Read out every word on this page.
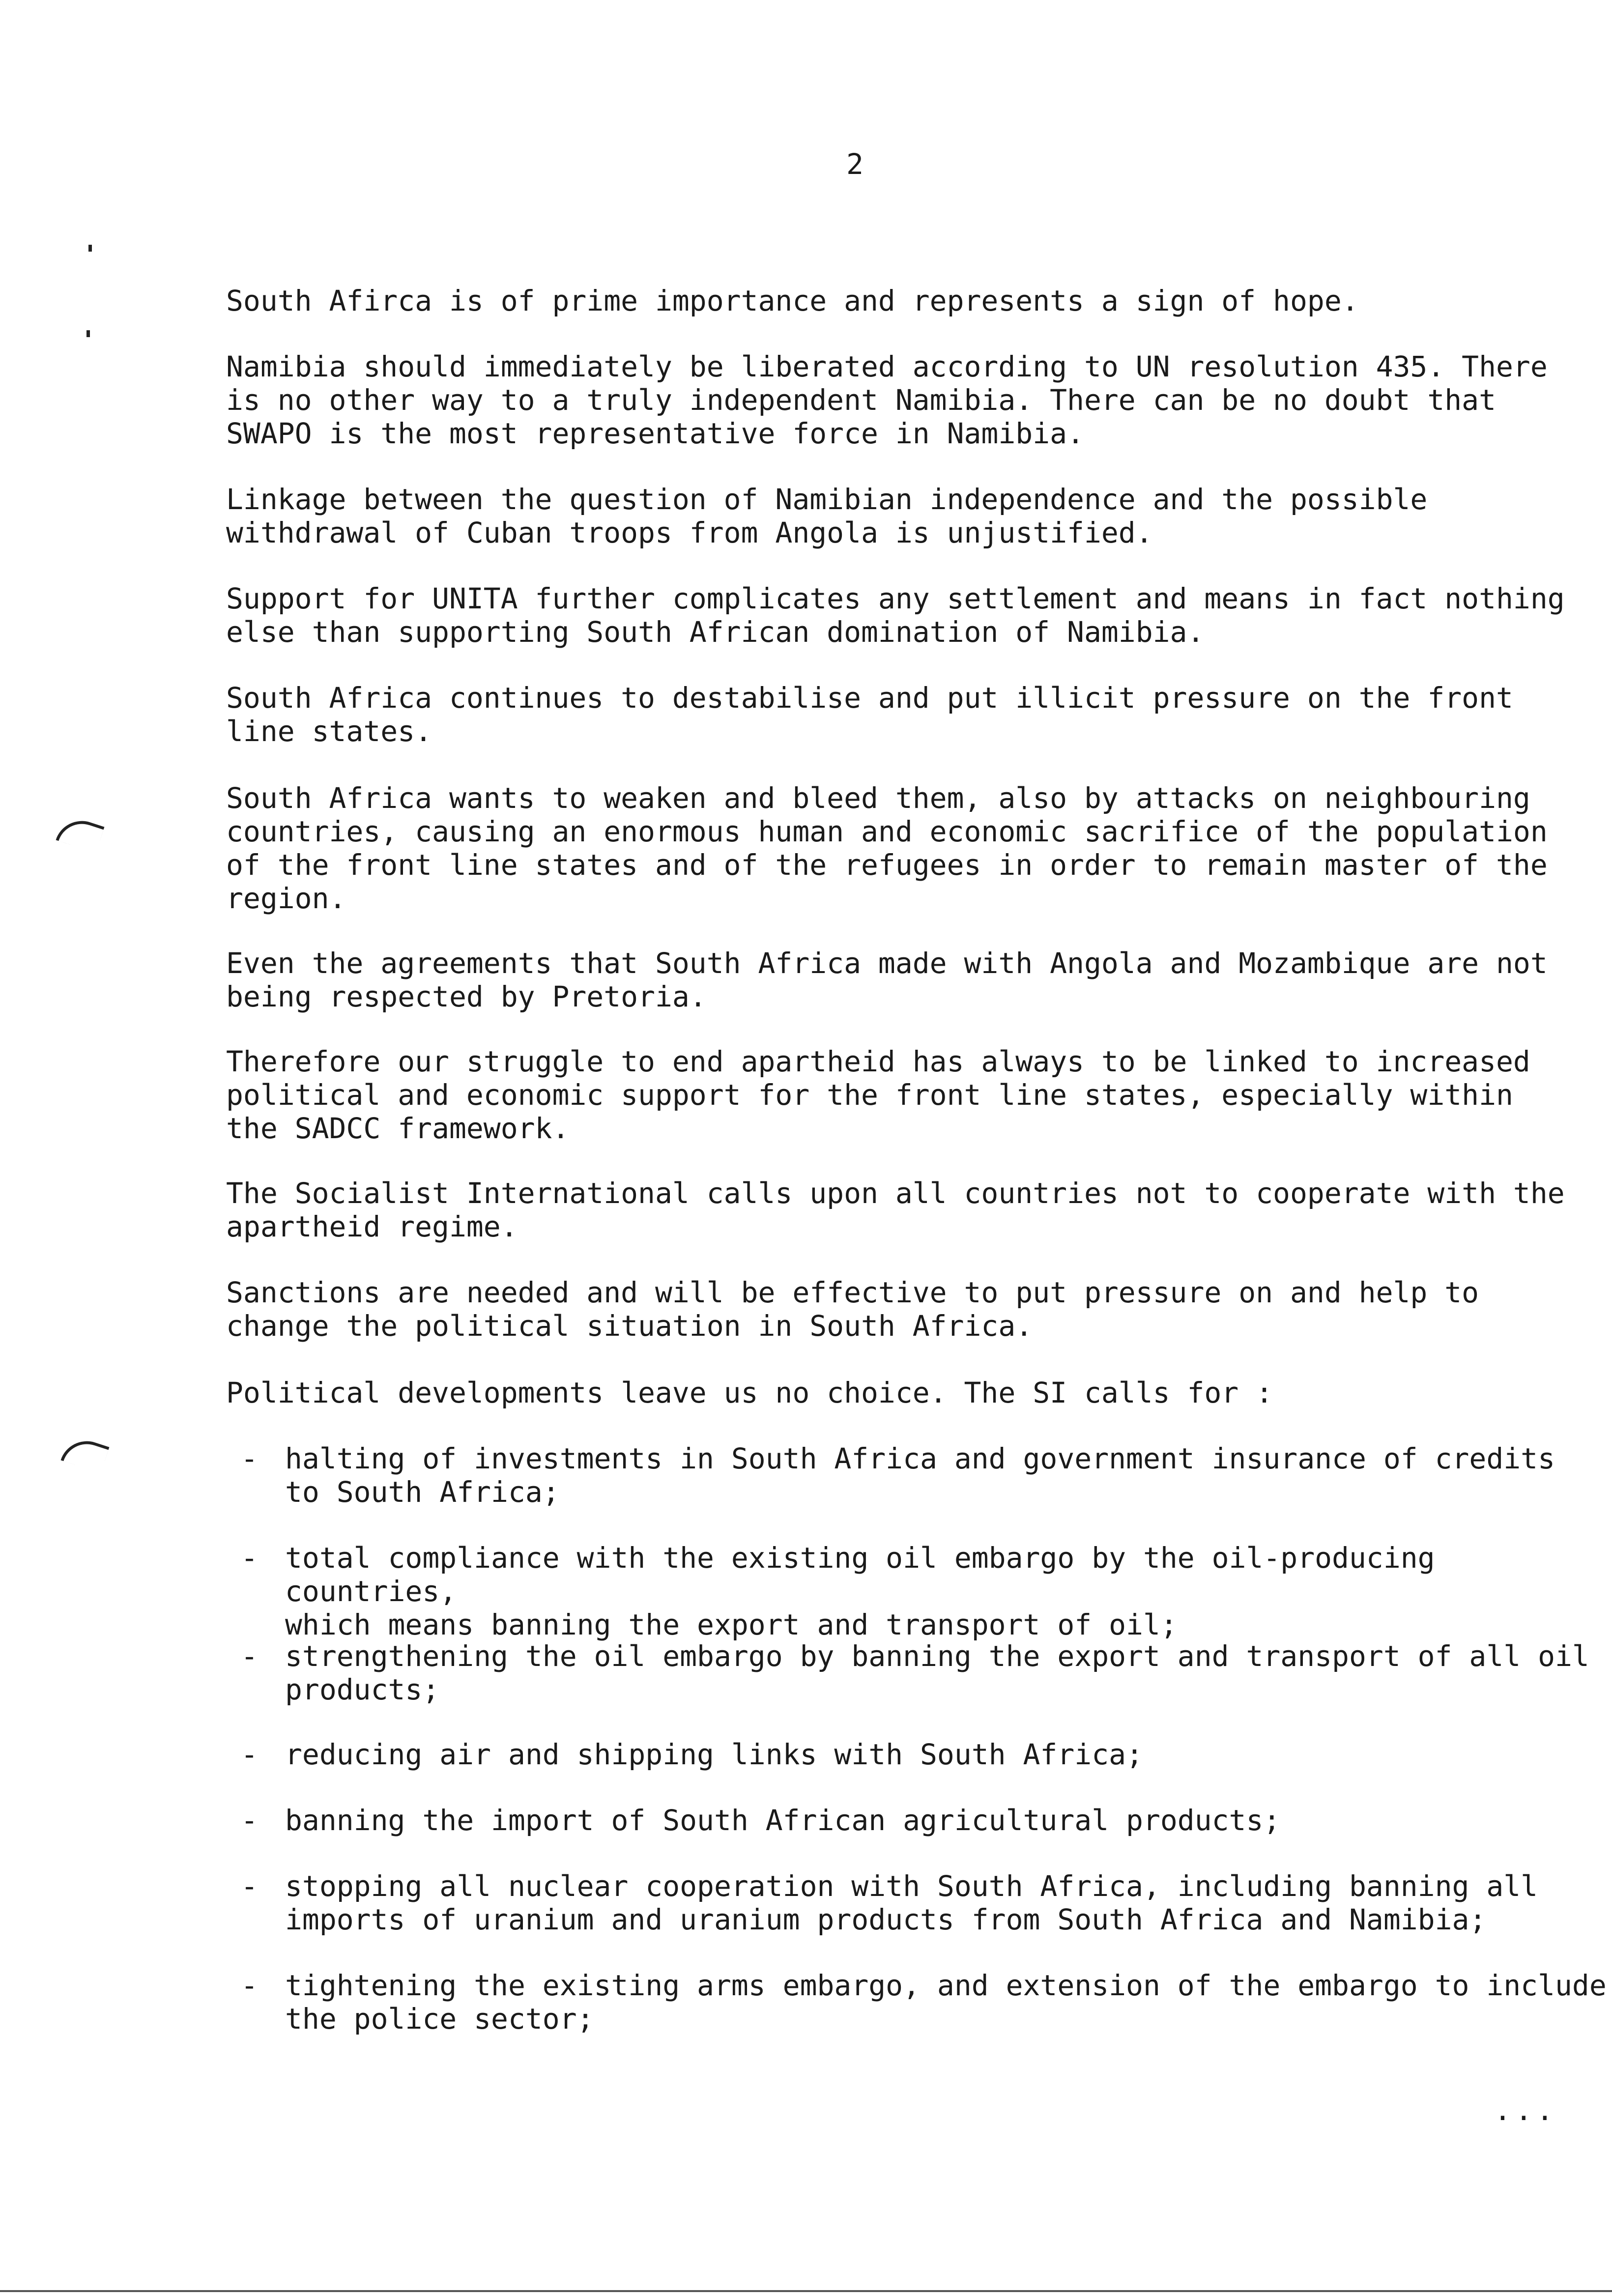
2
South Afirca is of prime importance and represents a sign of hope.
Namibia should immediately be liberated according to UN resolution 435. There
is no other way to a truly independent Namibia. There can be no doubt that
SWAPO is the most representative force in Namibia.
Linkage between the question of Namibian independence and the possible
withdrawal of Cuban troops from Angola is unjustified.
Support for UNITA further complicates any settlement and means in fact nothing
else than supporting South African domination of Namibia.
South Africa continues to destabilise and put illicit pressure on the front
line states.
South Africa wants to weaken and bleed them, also by attacks on neighbouring
countries, causing an enormous human and economic sacrifice of the population
of the front line states and of the refugees in order to remain master of the
region.
Even the agreements that South Africa made with Angola and Mozambique are not
being respected by Pretoria.
Therefore our struggle to end apartheid has always to be linked to increased
political and economic support for the front line states, especially within
the SADCC framework.
The Socialist International calls upon all countries not to cooperate with the
apartheid regime.
Sanctions are needed and will be effective to put pressure on and help to
change the political situation in South Africa.
Political developments leave us no choice. The SI calls for :
- halting of investments in South Africa and government insurance of credits
to South Africa;
- total compliance with the existing oil embargo by the oil-producing countries,
which means banning the export and transport of oil;
- strengthening the oil embargo by banning the export and transport of all oil
products;
- reducing air and shipping links with South Africa;
- banning the import of South African agricultural products;
- stopping all nuclear cooperation with South Africa, including banning all
imports of uranium and uranium products from South Africa and Namibia;
- tightening the existing arms embargo, and extension of the embargo to include
the police sector;
...
